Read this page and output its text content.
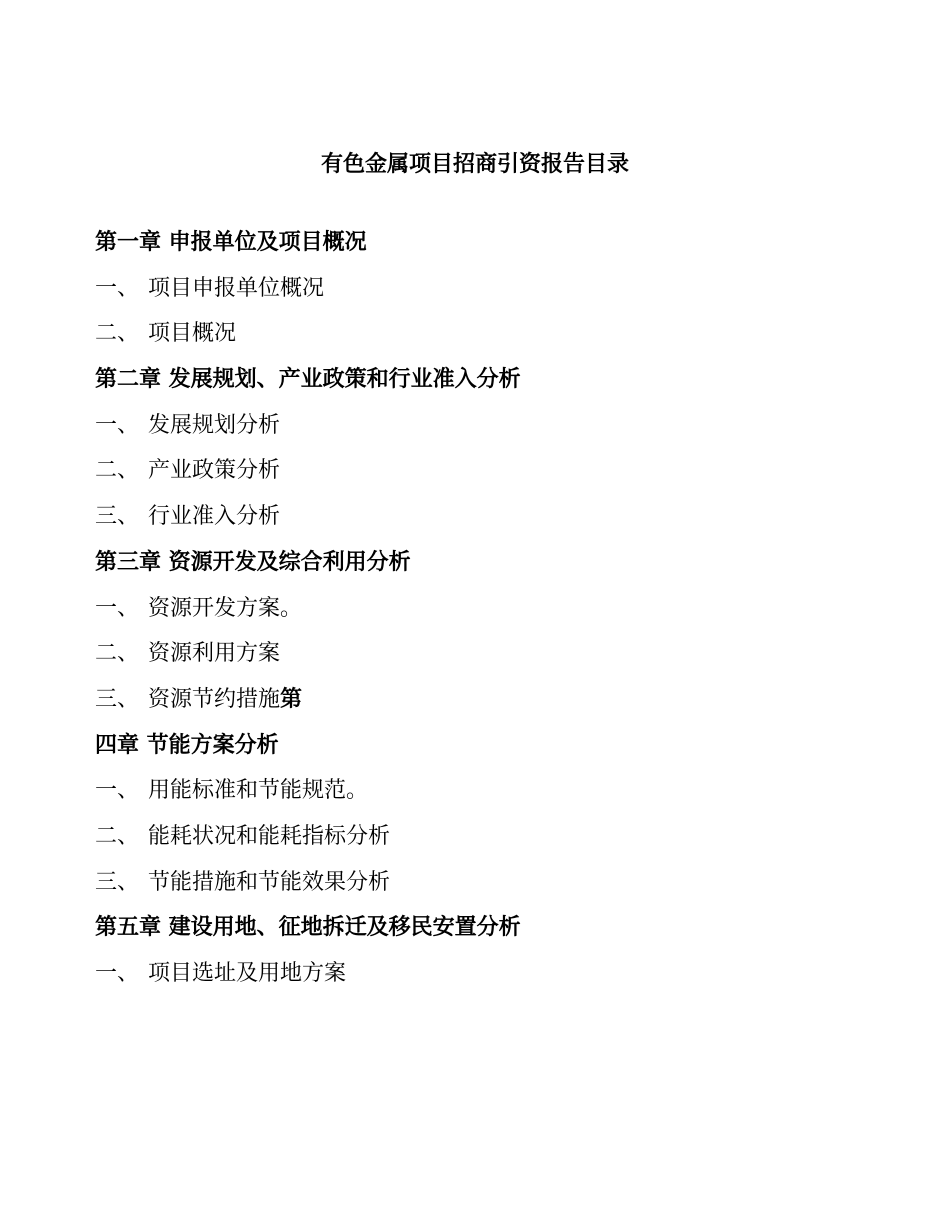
有色金属项目招商引资报告目录
第一章 申报单位及项目概况
一、 项目申报单位概况
二、 项目概况
第二章 发展规划、产业政策和行业准入分析
一、 发展规划分析
二、 产业政策分析
三、 行业准入分析
第三章 资源开发及综合利用分析
一、 资源开发方案。
二、 资源利用方案
三、 资源节约措施第
四章 节能方案分析
一、 用能标准和节能规范。
二、 能耗状况和能耗指标分析
三、 节能措施和节能效果分析
第五章 建设用地、征地拆迁及移民安置分析
一、 项目选址及用地方案
